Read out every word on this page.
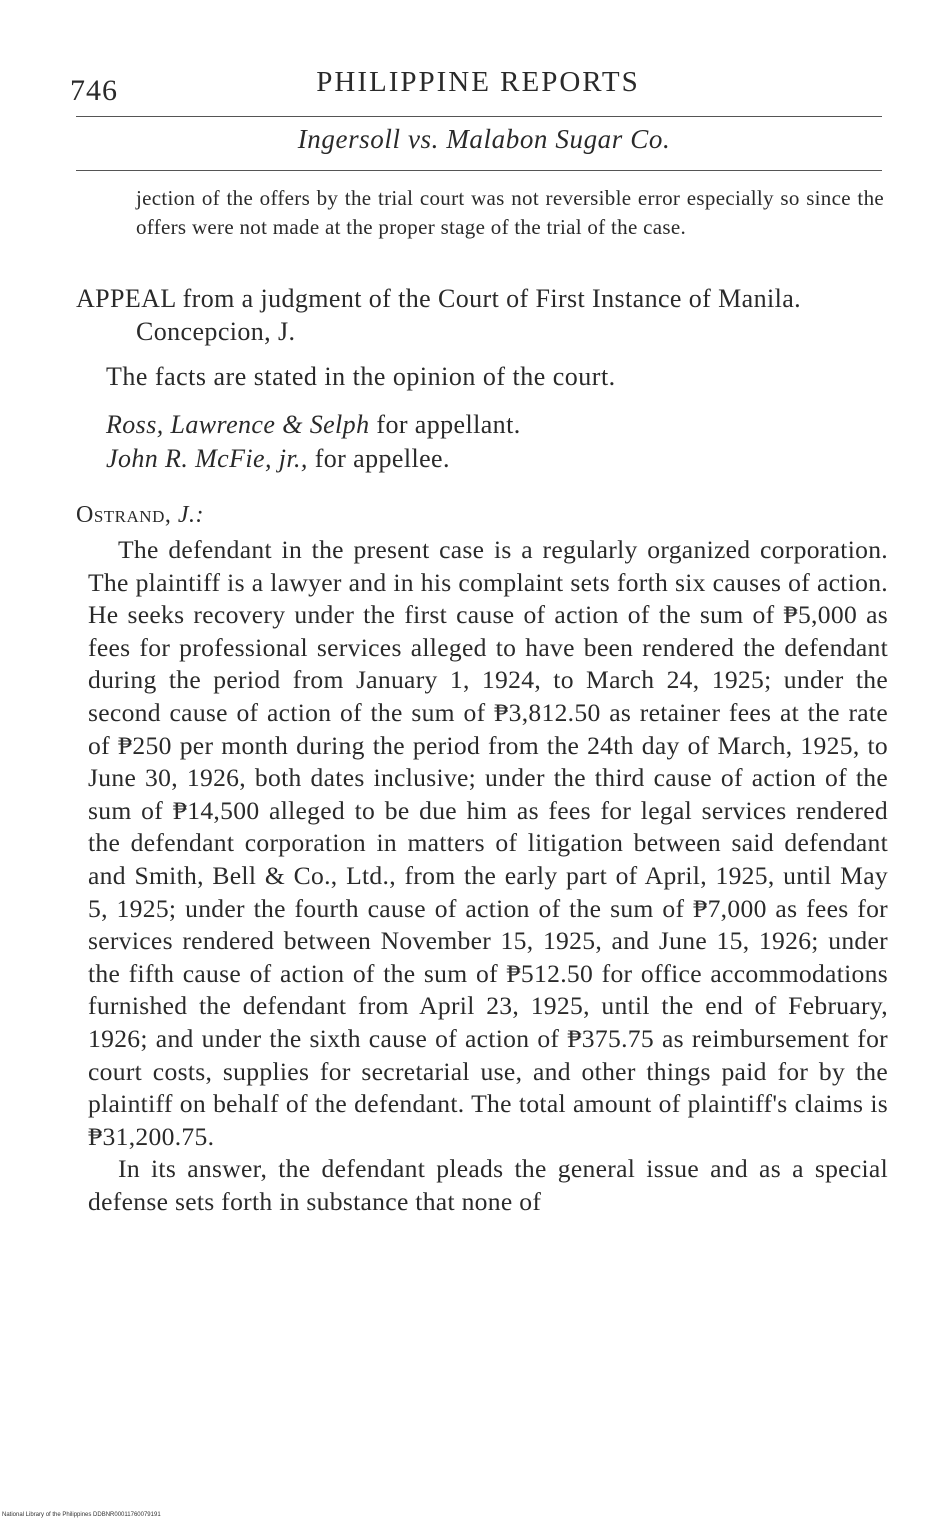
746	PHILIPPINE REPORTS
Ingersoll vs. Malabon Sugar Co.
jection of the offers by the trial court was not reversible error especially so since the offers were not made at the proper stage of the trial of the case.
APPEAL from a judgment of the Court of First Instance of Manila. Concepcion, J.
The facts are stated in the opinion of the court.
Ross, Lawrence & Selph for appellant.
John R. McFie, jr., for appellee.
Ostrand, J.:

The defendant in the present case is a regularly organized corporation. The plaintiff is a lawyer and in his complaint sets forth six causes of action. He seeks recovery under the first cause of action of the sum of ₱5,000 as fees for professional services alleged to have been rendered the defendant during the period from January 1, 1924, to March 24, 1925; under the second cause of action of the sum of ₱3,812.50 as retainer fees at the rate of ₱250 per month during the period from the 24th day of March, 1925, to June 30, 1926, both dates inclusive; under the third cause of action of the sum of ₱14,500 alleged to be due him as fees for legal services rendered the defendant corporation in matters of litigation between said defendant and Smith, Bell & Co., Ltd., from the early part of April, 1925, until May 5, 1925; under the fourth cause of action of the sum of ₱7,000 as fees for services rendered between November 15, 1925, and June 15, 1926; under the fifth cause of action of the sum of ₱512.50 for office accommodations furnished the defendant from April 23, 1925, until the end of February, 1926; and under the sixth cause of action of ₱375.75 as reimbursement for court costs, supplies for secretarial use, and other things paid for by the plaintiff on behalf of the defendant. The total amount of plaintiff's claims is ₱31,200.75.

In its answer, the defendant pleads the general issue and as a special defense sets forth in substance that none of

National Library of the Philippines DDBNR00011760079191
